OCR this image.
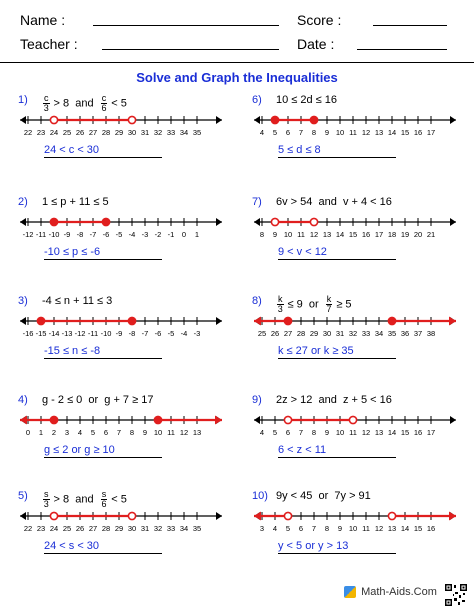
Name :	Score :
Teacher :	Date :
Solve and Graph the Inequalities
$1) \frac{c}{3} > 8$  and $\frac{c}{6} < 5$
22 23 24 25 26 27 28 29 30 31 32 33 34 35
24 < c < 30
2) 1 ≤ p + 11 ≤ 5
-12 -11 -10 -9 -8 -7 -6 -5 -4 -3 -2 -1 0 1
-10 ≤ p ≤ -6
3) -4 ≤ n + 11 ≤ 3
-16 -15 -14 -13 -12 -11 -10 -9 -8 -7 -6 -5 -4 -3
-15 ≤ n ≤ -8
4) g - 2 ≤ 0  or  g + 7 ≥ 17
0 1 2 3 4 5 6 7 8 9 10 11 12 13
g ≤ 2 or g ≥ 10
$5) \frac{s}{3} > 8$  and $\frac{s}{6} < 5$
22 23 24 25 26 27 28 29 30 31 32 33 34 35
24 < s < 30
6) 10 ≤ 2d ≤ 16
4 5 6 7 8 9 10 11 12 13 14 15 16 17
5 ≤ d ≤ 8
7) 6v > 54  and  v + 4 < 16
8 9 10 11 12 13 14 15 16 17 18 19 20 21
9 < v < 12
$8) \frac{k}{3} \le 9$  or $\frac{k}{7} \ge 5$
25 26 27 28 29 30 31 32 33 34 35 36 37 38
k ≤ 27 or k ≥ 35
9) 2z > 12  and  z + 5 < 16
4 5 6 7 8 9 10 11 12 13 14 15 16 17
6 < z < 11
10) 9y < 45  or  7y > 91
3 4 5 6 7 8 9 10 11 12 13 14 15 16
y < 5 or y > 13
Math-Aids.Com
